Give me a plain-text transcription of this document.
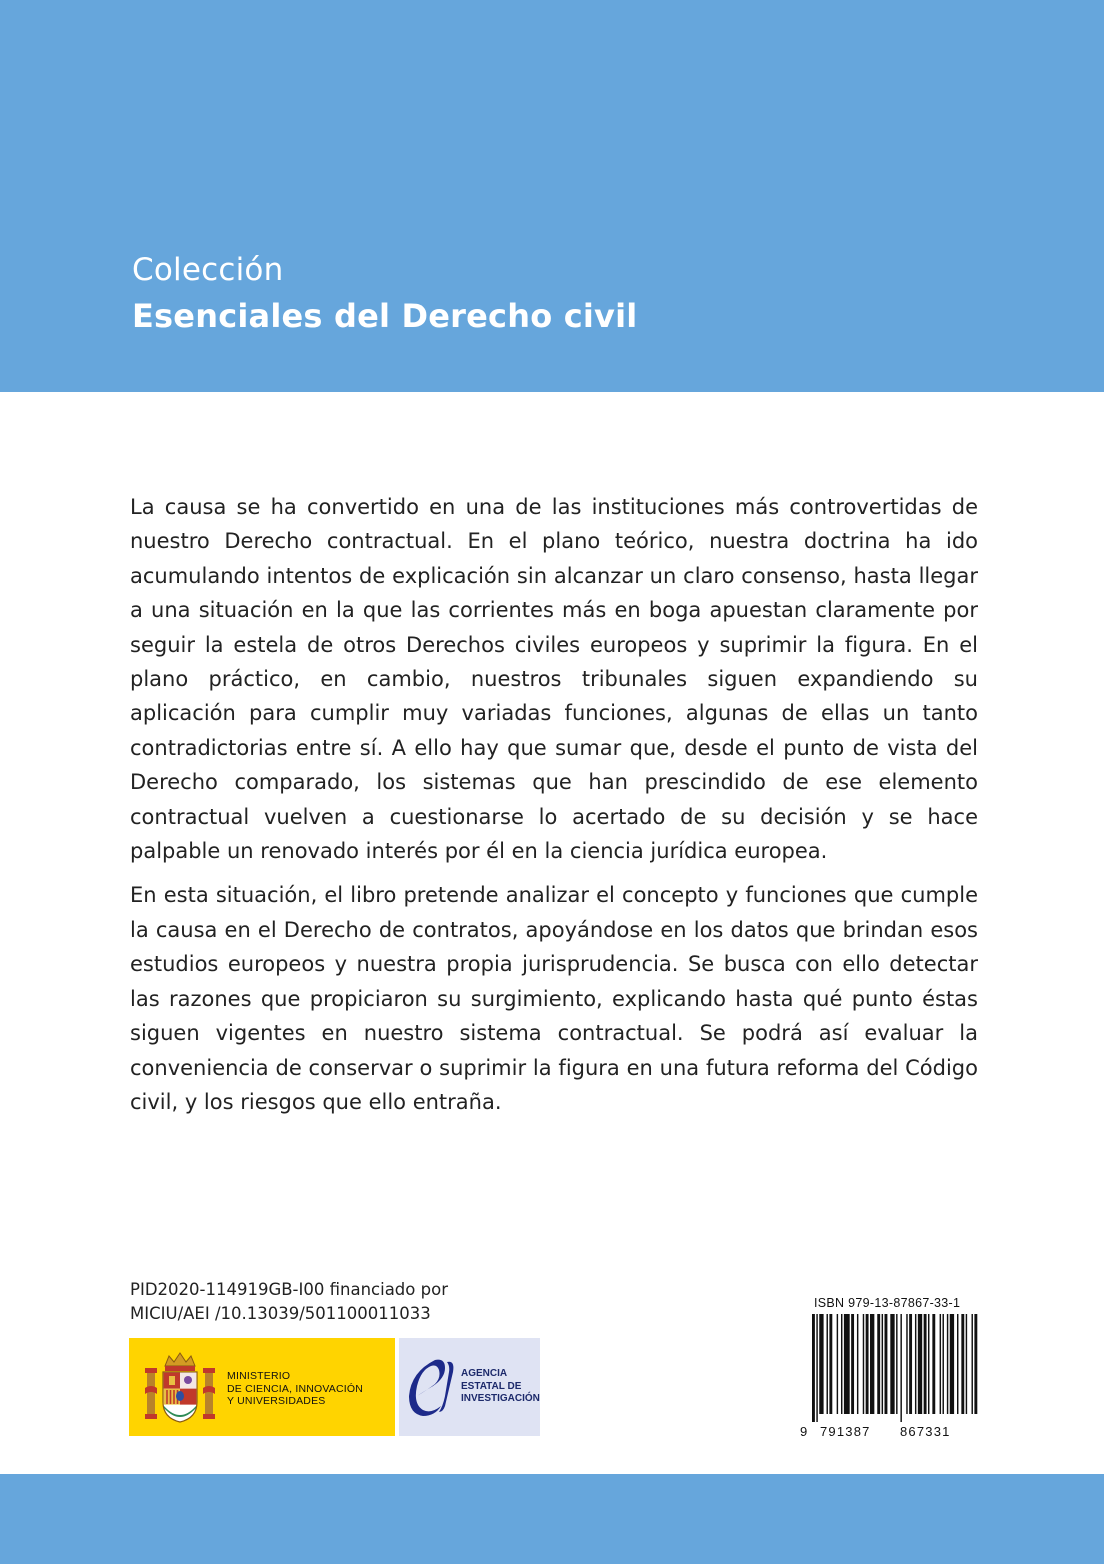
Colección
Esenciales del Derecho civil

La causa se ha convertido en una de las instituciones más controvertidas de nuestro Derecho contractual. En el plano teórico, nuestra doctrina ha ido acumulando intentos de explicación sin alcanzar un claro consenso, hasta llegar a una situación en la que las corrientes más en boga apuestan claramente por seguir la estela de otros Derechos civiles europeos y suprimir la figura. En el plano práctico, en cambio, nuestros tribunales siguen expandiendo su aplicación para cumplir muy variadas funciones, algunas de ellas un tanto contradictorias entre sí. A ello hay que sumar que, desde el punto de vista del Derecho comparado, los sistemas que han prescindido de ese elemento contractual vuelven a cuestionarse lo acertado de su decisión y se hace palpable un renovado interés por él en la ciencia jurídica europea.

En esta situación, el libro pretende analizar el concepto y funciones que cumple la causa en el Derecho de contratos, apoyándose en los datos que brindan esos estudios europeos y nuestra propia jurisprudencia. Se busca con ello detectar las razones que propiciaron su surgimiento, explicando hasta qué punto éstas siguen vigentes en nuestro sistema contractual. Se podrá así evaluar la conveniencia de conservar o suprimir la figura en una futura reforma del Código civil, y los riesgos que ello entraña.

PID2020-114919GB-I00 financiado por
MICIU/AEI /10.13039/501100011033
MINISTERIO
DE CIENCIA, INNOVACIÓN
Y UNIVERSIDADES
AGENCIA
ESTATAL DE
INVESTIGACIÓN
ISBN 979-13-87867-33-1
9 791387 867331
